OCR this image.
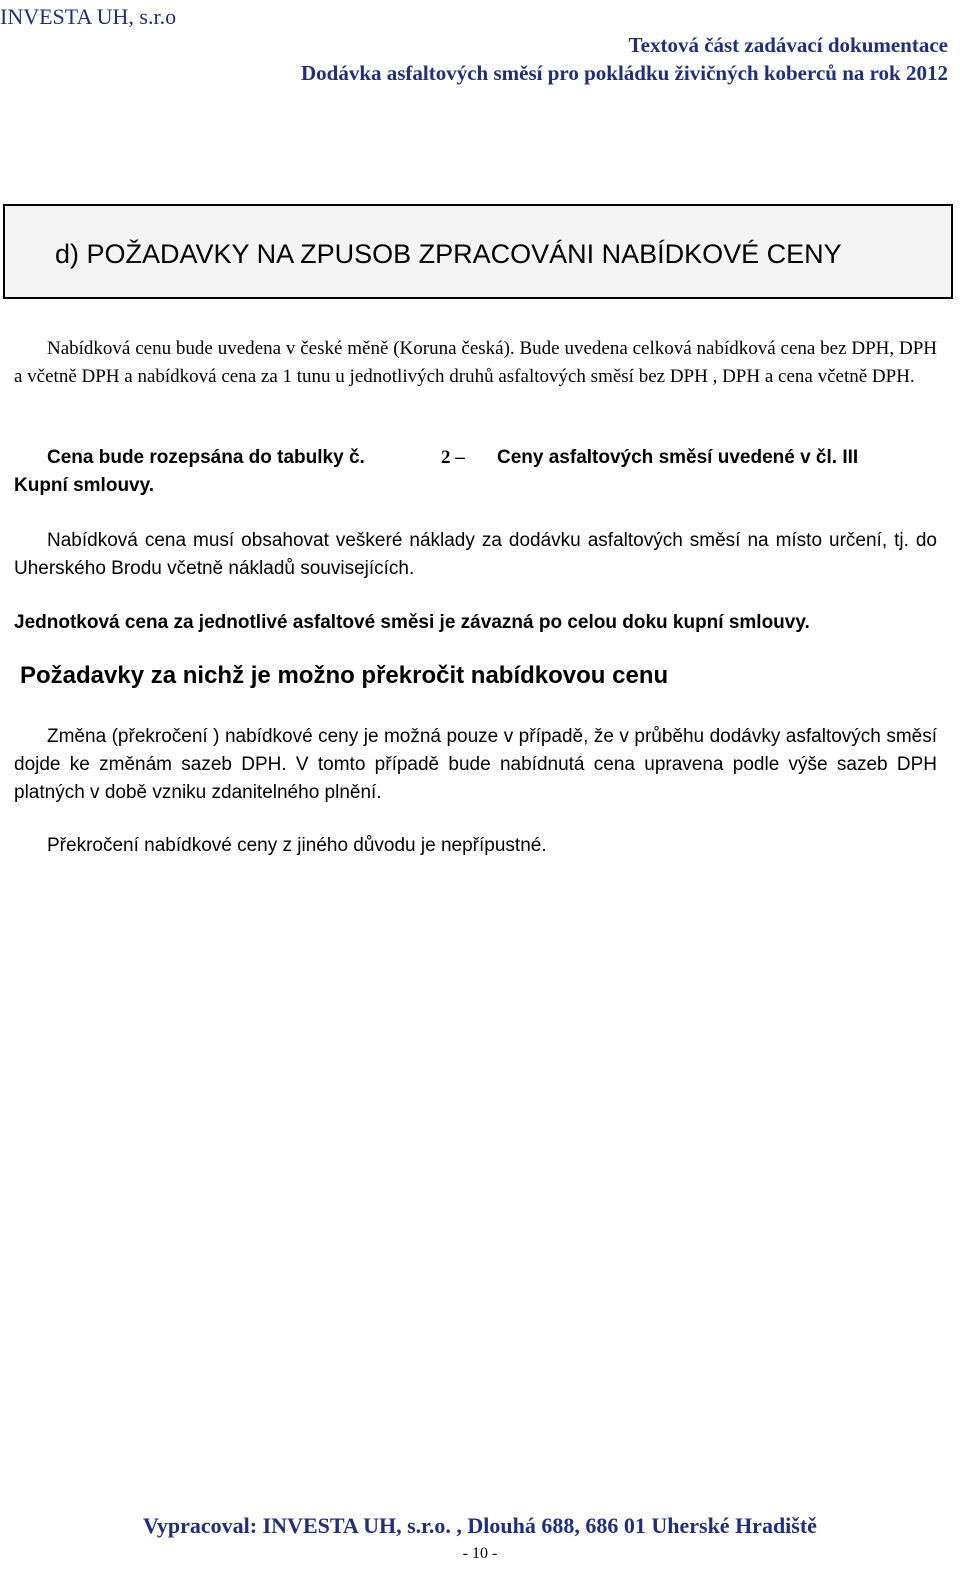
INVESTA UH, s.r.o
Textová část zadávací dokumentace
Dodávka asfaltových směsí pro pokládku živičných koberců na rok 2012
d) POŽADAVKY NA ZPUSOB ZPRACOVÁNI NABÍDKOVÉ CENY

Nabídková cenu bude uvedena v české měně (Koruna česká). Bude uvedena celková nabídková cena bez DPH, DPH a včetně DPH a nabídková cena za 1 tunu u jednotlivých druhů asfaltových směsí bez DPH , DPH a cena včetně DPH.

Cena bude rozepsána do tabulky č.	2 – Ceny asfaltových směsí uvedené v čl. III
Kupní smlouvy.

Nabídková cena musí obsahovat veškeré náklady za dodávku asfaltových směsí na místo určení, tj. do Uherského Brodu včetně nákladů souvisejících.

Jednotková cena za jednotlivé asfaltové směsi je závazná po celou doku kupní smlouvy.

Požadavky za nichž je možno překročit nabídkovou cenu

Změna (překročení ) nabídkové ceny je možná pouze v případě, že v průběhu dodávky asfaltových směsí dojde ke změnám sazeb DPH. V tomto případě bude nabídnutá cena upravena podle výše sazeb DPH platných v době vzniku zdanitelného plnění.

Překročení nabídkové ceny z jiného důvodu je nepřípustné.

Vypracoval: INVESTA UH, s.r.o. , Dlouhá 688, 686 01 Uherské Hradiště
- 10 -
